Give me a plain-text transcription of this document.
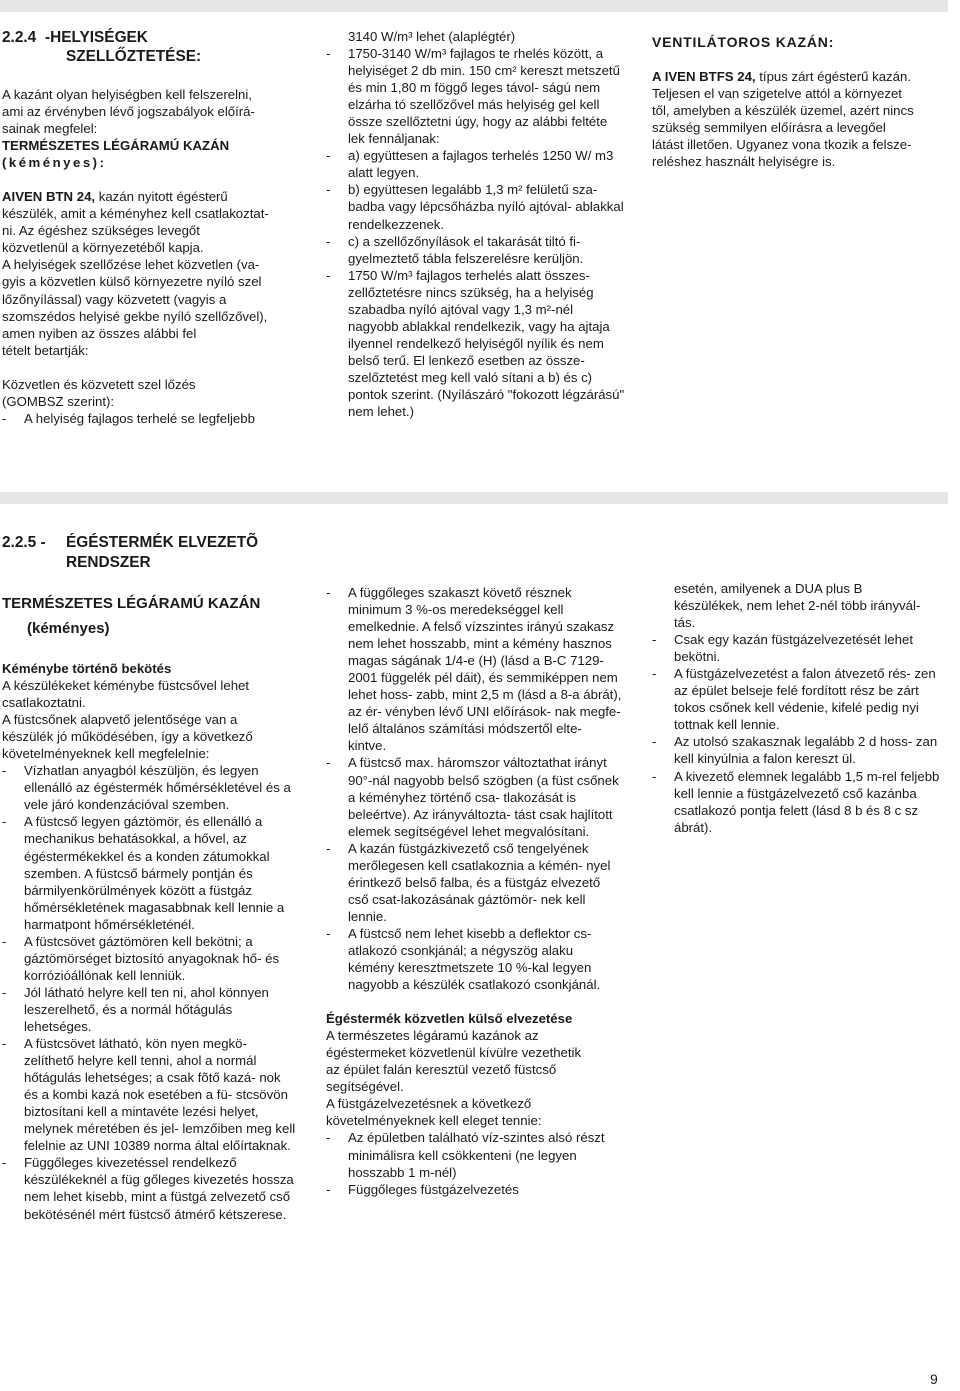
2.2.4 -HELYISÉGEK
SZELLŐZTETÉSE:

A kazánt olyan helyiségben kell felszerelni,

ami az érvényben lévő jogszabályok előírá-

sainak megfelel:

TERMÉSZETES LÉGÁRAMÚ KAZÁN

(kéményes):

AIVEN BTN 24, kazán nyitott égésterű

készülék, amit a kéményhez kell csatlakoztat-

ni. Az égéshez szükséges levegőt

közvetlenül a környezetéből kapja.

A helyiségek szellőzése lehet közvetlen (va-

gyis a közvetlen külső környezetre nyíló szel

lőzőnyílással) vagy közvetett (vagyis a

szomszédos helyisé gekbe nyíló szellőzővel),

amen nyiben az összes alábbi fel

tételt betartják:

Közvetlen és közvetett szel lőzés

(GOMBSZ szerint):

-	A helyiség fajlagos terhelé se legfeljebb

3140 W/m³ lehet (alaplégtér)

-	1750-3140 W/m³ fajlagos te rhelés között, a helyiséget 2 db min. 150 cm² kereszt metszetű és min 1,80 m föggő leges távol- ságú nem elzárha tó szellőzővel más helyiség gel kell össze szellőztetni úgy, hogy az alábbi feltéte lek fennáljanak:
-	a) együttesen a fajlagos terhelés 1250 W/ m3 alatt legyen.
-	b) együttesen legalább 1,3 m² felületű sza- badba vagy lépcsőházba nyíló ajtóval- ablakkal rendelkezzenek.
-	c) a szellőzőnyílások el takarását tiltó fi- gyelmeztető tábla felszerelésre kerüljön.
-	1750 W/m³ fajlagos terhelés alatt összes- zellőztetésre nincs szükség, ha a helyiség szabadba nyíló ajtóval vagy 1,3 m²-nél nagyobb ablakkal rendelkezik, vagy ha ajtaja ilyennel rendelkező helyiségől nyílik és nem belső terű. El lenkező esetben az össze-szelőztetést meg kell való sítani a b) és c) pontok szerint. (Nyílászáró "fokozott légzárású" nem lehet.)

VENTILÁTOROS KAZÁN:

A IVEN BTFS 24, típus zárt égésterű kazán.

Teljesen el van szigetelve attól a környezet

től, amelyben a készülék üzemel, azért nincs

szükség semmilyen előírásra a levegőel

látást illetően. Ugyanez vona tkozik a felsze-

reléshez használt helyiségre is.

2.2.5 - ÉGÉSTERMÉK ELVEZETÕ
RENDSZER

TERMÉSZETES LÉGÁRAMÚ KAZÁN

(kéményes)

Kéménybe történõ bekötés

A készülékeket kéménybe füstcsővel lehet

csatlakoztatni.

A füstcsőnek alapvető jelentősége van a

készülék jó működésében, így a következő

követelményeknek kell megfelelnie:

-	Vízhatlan anyagból készüljön, és legyen ellenálló az égéstermék hőmérsékletével és a vele járó kondenzációval szemben.
-	A füstcső legyen gáztömör, és ellenálló a mechanikus behatásokkal, a hővel, az égéstermékekkel és a konden zátumokkal szemben. A füstcső bármely pontján és bármilyenkörülmények között a füstgáz hőmérsékletének magasabbnak kell lennie a harmatpont hőmérsékleténél.
-	A füstcsövet gáztömören kell bekötni; a gáztömörséget biztosító anyagoknak hő- és korrózióállónak kell lenniük.
-	Jól látható helyre kell ten ni, ahol könnyen leszerelhető, és a normál hőtágulás lehetséges.
-	A füstcsövet látható, kön nyen megkö- zelíthető helyre kell tenni, ahol a normál hőtágulás lehetséges; a csak fõtő kazá- nok és a kombi kazá nok esetében a fü- stcsövön biztosítani kell a mintavéte lezési helyet, melynek méretében és jel- lemzőiben meg kell felelnie az UNI 10389 norma által előírtaknak.
-	Függőleges kivezetéssel rendelkező készülékeknél a füg gőleges kivezetés hossza nem lehet kisebb, mint a füstgá zelvezető cső bekötésénél mért füstcső átmérő kétszerese.
-	A függőleges szakaszt követő résznek minimum 3 %-os meredekséggel kell emelkednie. A felső vízszintes irányú szakasz nem lehet hosszabb, mint a kémény hasznos magas ságának 1/4-e (H) (lásd a B-C 7129-2001 függelék pél dáit), és semmiképpen nem lehet hoss- zabb, mint 2,5 m (lásd a 8-a ábrát), az ér- vényben lévő UNI előírások- nak megfe- lelő általános számítási módszertől elte- kintve.
-	A füstcső max. háromszor változtathat irányt 90°-nál nagyobb belső szögben (a füst csőnek a kéményhez történő csa- tlakozását is beleértve). Az irányváltozta- tást csak hajlított elemek segítségével lehet megvalósítani.
-	A kazán füstgázkivezető cső tengelyének merőlegesen kell csatlakoznia a kémén- nyel érintkező belső falba, és a füstgáz elvezető cső csat-lakozásának gáztömör- nek kell lennie.
-	A füstcső nem lehet kisebb a deflektor cs- atlakozó csonkjánál; a négyszög alaku kémény keresztmetszete 10 %-kal legyen nagyobb a készülék csatlakozó csonkjánál.

Égéstermék közvetlen külső elvezetése

A természetes légáramú kazánok az

égéstermeket közvetlenül kívülre vezethetik

az épület falán keresztül vezető füstcső

segítségével.

A füstgázelvezetésnek a következő

követelményeknek kell eleget tennie:

-	Az épületben található víz-szintes alsó részt minimálisra kell csökkenteni (ne legyen hosszabb 1 m-nél)
-	Függőleges füstgázelvezetés

esetén, amilyenek a DUA plus B

készülékek, nem lehet 2-nél több irányvál-

tás.

-	Csak egy kazán füstgázelvezetését lehet bekötni.
-	A füstgázelvezetést a falon átvezető rés- zen az épület belseje felé fordított rész be zárt tokos csőnek kell védenie, kifelé pedig nyi tottnak kell lennie.
-	Az utolsó szakasznak legalább 2 d hoss- zan kell kinyúlnia a falon kereszt ül.
-	A kivezető elemnek legalább 1,5 m-rel feljebb kell lennie a füstgázelvezető cső kazánba csatlakozó pontja felett (lásd 8 b és 8 c sz ábrát).
9
